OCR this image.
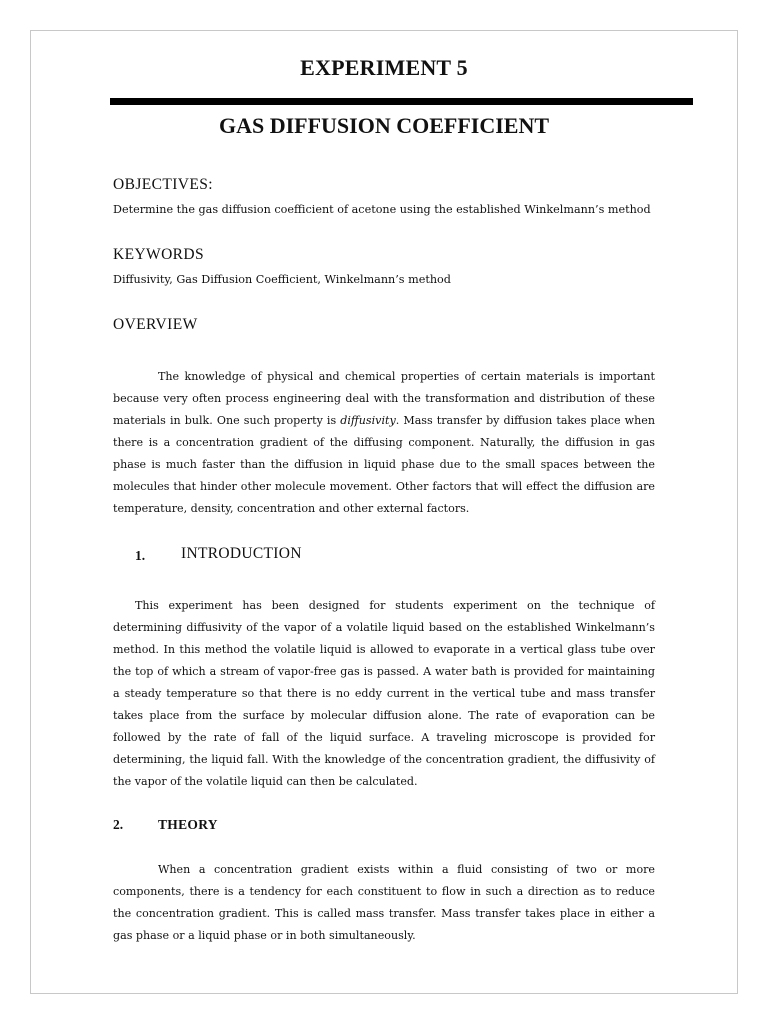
EXPERIMENT 5
GAS DIFFUSION COEFFICIENT
OBJECTIVES:
Determine the gas diffusion coefficient of acetone using the established Winkelmann’s method
KEYWORDS
Diffusivity, Gas Diffusion Coefficient, Winkelmann’s method
OVERVIEW

The knowledge of physical and chemical properties of certain materials is important because very often process engineering deal with the transformation and distribution of these materials in bulk. One such property is diffusivity. Mass transfer by diffusion takes place when there is a concentration gradient of the diffusing component. Naturally, the diffusion in gas phase is much faster than the diffusion in liquid phase due to the small spaces between the molecules that hinder other molecule movement. Other factors that will effect the diffusion are temperature, density, concentration and other external factors.

1. INTRODUCTION

This experiment has been designed for students experiment on the technique of determining diffusivity of the vapor of a volatile liquid based on the established Winkelmann’s method. In this method the volatile liquid is allowed to evaporate in a vertical glass tube over the top of which a stream of vapor-free gas is passed. A water bath is provided for maintaining a steady temperature so that there is no eddy current in the vertical tube and mass transfer takes place from the surface by molecular diffusion alone. The rate of evaporation can be followed by the rate of fall of the liquid surface. A traveling microscope is provided for determining, the liquid fall. With the knowledge of the concentration gradient, the diffusivity of the vapor of the volatile liquid can then be calculated.

2.	THEORY

When a concentration gradient exists within a fluid consisting of two or more components, there is a tendency for each constituent to flow in such a direction as to reduce the concentration gradient. This is called mass transfer. Mass transfer takes place in either a gas phase or a liquid phase or in both simultaneously.
